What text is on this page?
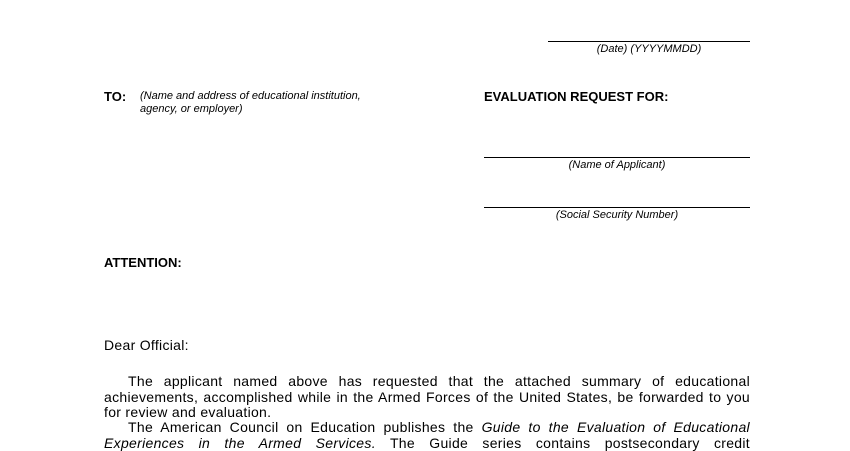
(Date) (YYYYMMDD)
TO: (Name and address of educational institution,
agency, or employer)
EVALUATION REQUEST FOR:
(Name of Applicant)
(Social Security Number)
ATTENTION:
Dear Official:
The applicant named above has requested that the attached summary of educational
achievements, accomplished while in the Armed Forces of the United States, be forwarded to you
for review and evaluation.
The American Council on Education publishes the Guide to the Evaluation of Educational
Experiences in the Armed Services. The Guide series contains postsecondary credit
